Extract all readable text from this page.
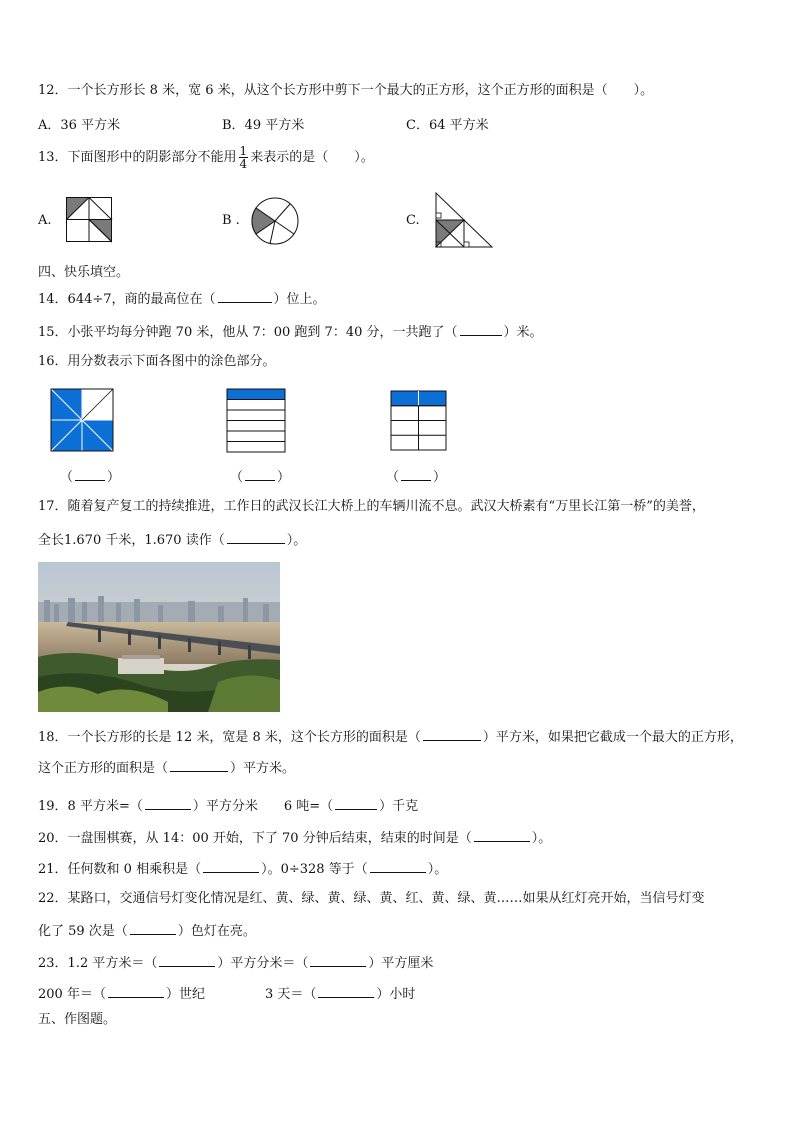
12．一个长方形长 8 米，宽 6 米，从这个长方形中剪下一个最大的正方形，这个正方形的面积是（　　）。
A．36 平方米	B．49 平方米	C．64 平方米
13．下面图形中的阴影部分不能用 $\frac{1}{4}$ 来表示的是（　　）。
A.	B .	C.
四、快乐填空。
14．644÷7，商的最高位在（	）位上。
15．小张平均每分钟跑 70 米，他从 7：00 跑到 7：40 分，一共跑了（	）米。
16．用分数表示下面各图中的涂色部分。
（	）	（	）	（	）
17．随着复产复工的持续推进，工作日的武汉长江大桥上的车辆川流不息。武汉大桥素有“万里长江第一桥”的美誉，
全长1.670 千米，1.670 读作（	）。
18．一个长方形的长是 12 米，宽是 8 米，这个长方形的面积是（	）平方米，如果把它截成一个最大的正方形，
这个正方形的面积是（	）平方米。
19．8 平方米=（	）平方分米 6 吨=（	）千克
20．一盘围棋赛，从 14：00 开始，下了 70 分钟后结束，结束的时间是（	）。
21．任何数和 0 相乘积是（	）。0÷328 等于（	）。
22．某路口，交通信号灯变化情况是红、黄、绿、黄、绿、黄、红、黄、绿、黄……如果从红灯亮开始，当信号灯变
化了 59 次是（	）色灯在亮。
23．1.2 平方米＝（	）平方分米＝（	）平方厘米
200 年＝（	）世纪	3 天＝（	）小时
五、作图题。
